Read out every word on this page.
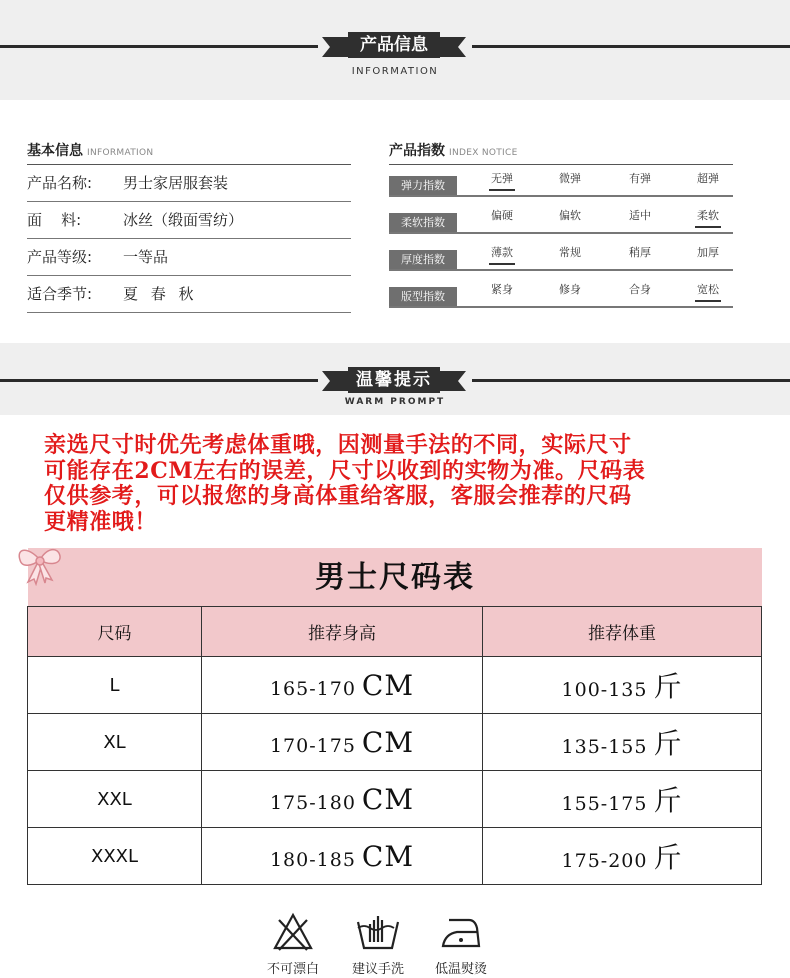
产品信息
INFORMATION
基本信息 INFORMATION
产品名称:	男士家居服套装
面    料:	冰丝（缎面雪纺）
产品等级:	一等品
适合季节:	夏 春 秋
产品指数 INDEX NOTICE
弹力指数
无弹	微弹	有弹	超弹
柔软指数
偏硬	偏软	适中	柔软
厚度指数
薄款	常规	稍厚	加厚
版型指数
紧身	修身	合身	宽松
温馨提示
WARM PROMPT
亲选尺寸时优先考虑体重哦，因测量手法的不同，实际尺寸
可能存在2CM左右的误差，尺寸以收到的实物为准。尺码表
仅供参考，可以报您的身高体重给客服，客服会推荐的尺码
更精准哦！
男士尺码表
尺码	推荐身高	推荐体重
L	165-170 CM	100-135 斤
XL	170-175 CM	135-155 斤
XXL	175-180 CM	155-175 斤
XXXL	180-185 CM	175-200 斤
不可漂白	建议手洗	低温熨烫
